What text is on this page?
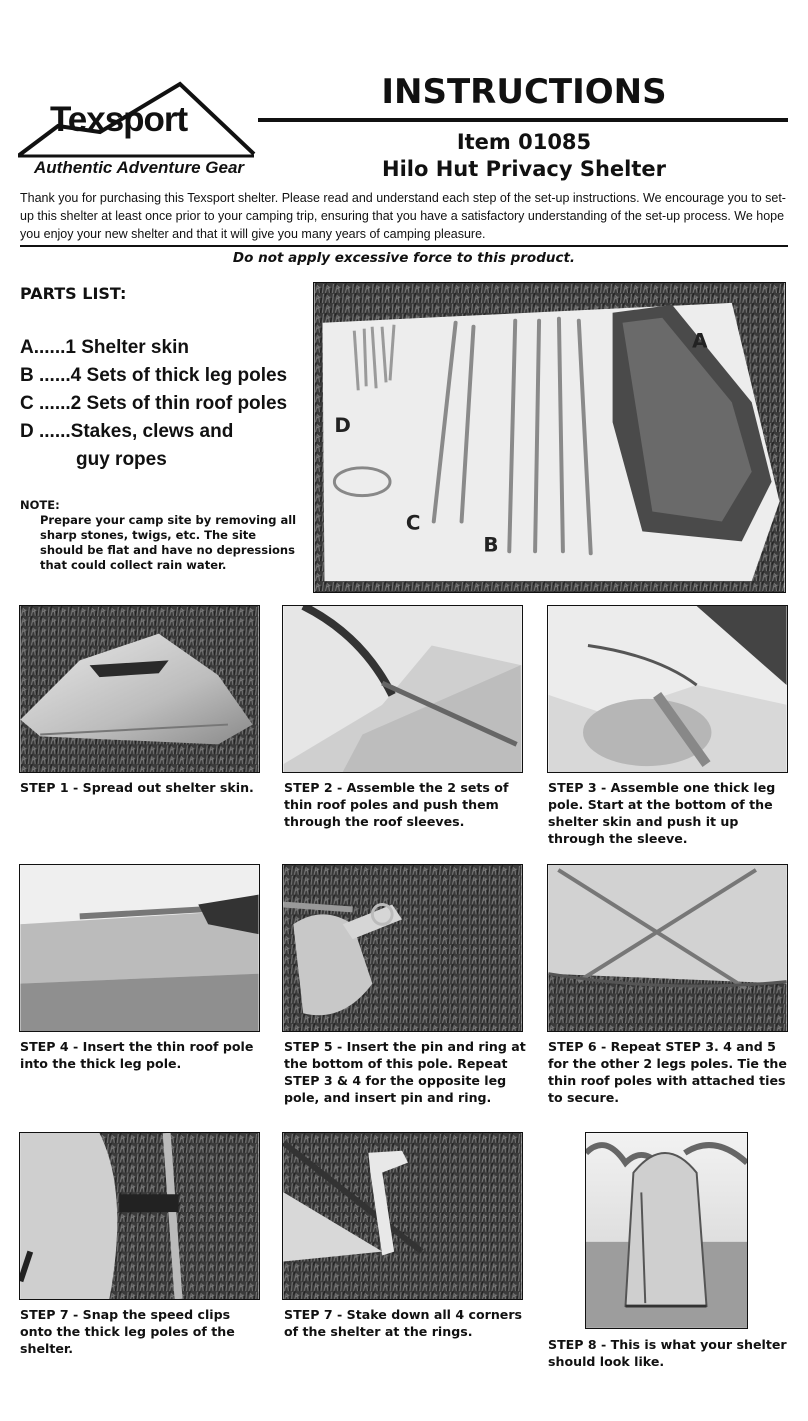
Texsport
Authentic Adventure Gear
INSTRUCTIONS
Item 01085
Hilo Hut Privacy Shelter
Thank you for purchasing this Texsport shelter. Please read and understand each step of the set-up instructions. We encourage you to set-up this shelter at least once prior to your camping trip, ensuring that you have a satisfactory understanding of the set-up process. We hope you enjoy your new shelter and that it will give you many years of camping pleasure.
Do not apply excessive force to this product.
PARTS LIST:
A......1 Shelter skin
B ......4 Sets of thick leg poles
C ......2 Sets of thin roof poles
D ......Stakes, clews and
guy ropes
NOTE:
Prepare your camp site by removing all sharp stones, twigs, etc. The site should be flat and have no depressions that could collect rain water.
A
B
C
D
STEP 1 - Spread out shelter skin.	STEP 2 - Assemble the 2 sets of thin roof poles and push them through the roof sleeves.
STEP 3 - Assemble one thick leg pole. Start at the bottom of the shelter skin and push it up through the sleeve.
STEP 4 - Insert the thin roof pole into the thick leg pole.
STEP 5 - Insert the pin and ring at the bottom of this pole. Repeat STEP 3 & 4 for the opposite leg pole, and insert pin and ring.
STEP 6 - Repeat STEP 3. 4 and 5 for the other 2 legs poles. Tie the thin roof poles with attached ties to secure.
STEP 7 - Snap the speed clips onto the thick leg poles of the shelter.
STEP 7 - Stake down all 4 corners of the shelter at the rings.
STEP 8 - This is what your shelter should look like.
